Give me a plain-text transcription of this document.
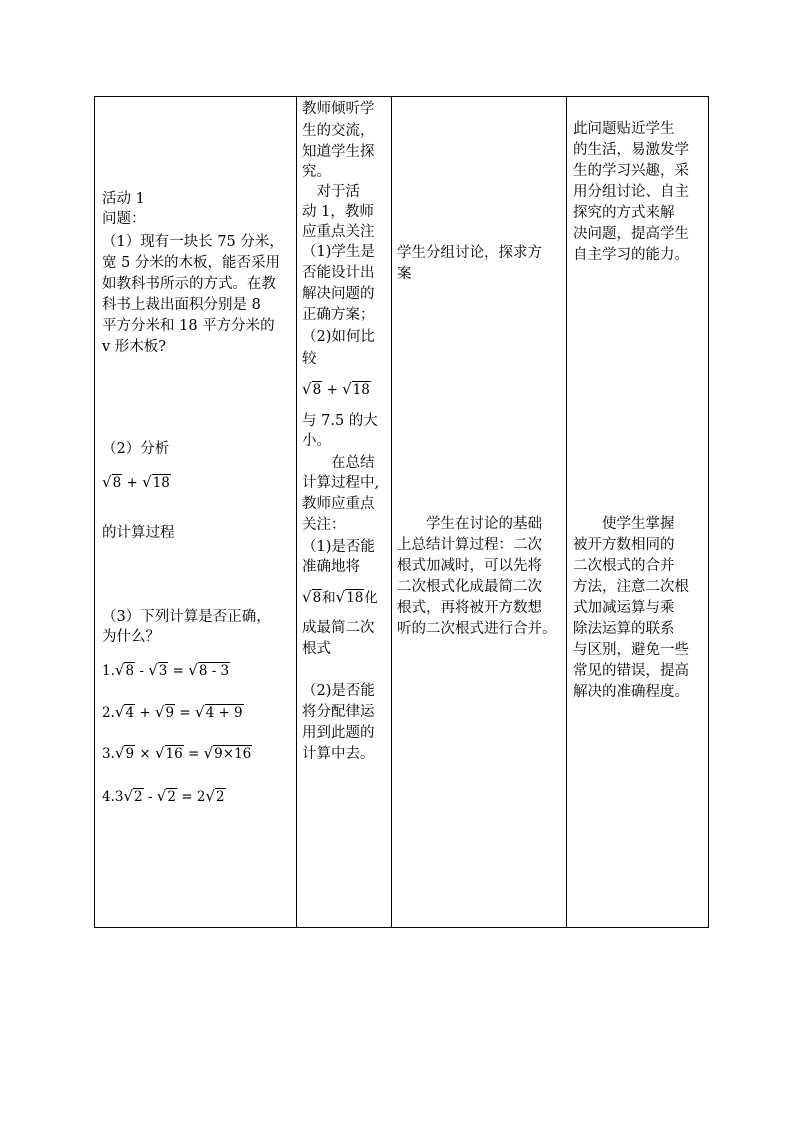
活动 1
问题：
（1）现有一块长 75 分米，
宽 5 分米的木板，能否采用
如教科书所示的方式。在教
科书上裁出面积分别是 8
平方分米和 18 平方分米的
v 形木板?
（2）分析
√8 + √18
的计算过程
（3）下列计算是否正确，
为什么？
1.√8 - √3 = √8 - 3
2.√4 + √9 = √4 + 9
3.√9 × √16 = √9×16
4.3√2 - √2 = 2√2
教师倾听学
生的交流，
知道学生探
究。
　对于活
动 1，教师
应重点关注
（1)学生是
否能设计出
解决问题的
正确方案；
（2)如何比
较
√8 + √18
与 7.5 的大
小。
　　在总结
计算过程中,
教师应重点
关注：
（1)是否能
准确地将
√8和√18化
成最简二次
根式
（2)是否能
将分配律运
用到此题的
计算中去。
学生分组讨论，探求方
案
　　学生在讨论的基础
上总结计算过程：二次
根式加减时，可以先将
二次根式化成最简二次
根式，再将被开方数想
听的二次根式进行合并。
此问题贴近学生
的生活，易激发学
生的学习兴趣，采
用分组讨论、自主
探究的方式来解
决问题，提高学生
自主学习的能力。
　　使学生掌握
被开方数相同的
二次根式的合并
方法，注意二次根
式加减运算与乘
除法运算的联系
与区别，避免一些
常见的错误，提高
解决的准确程度。
